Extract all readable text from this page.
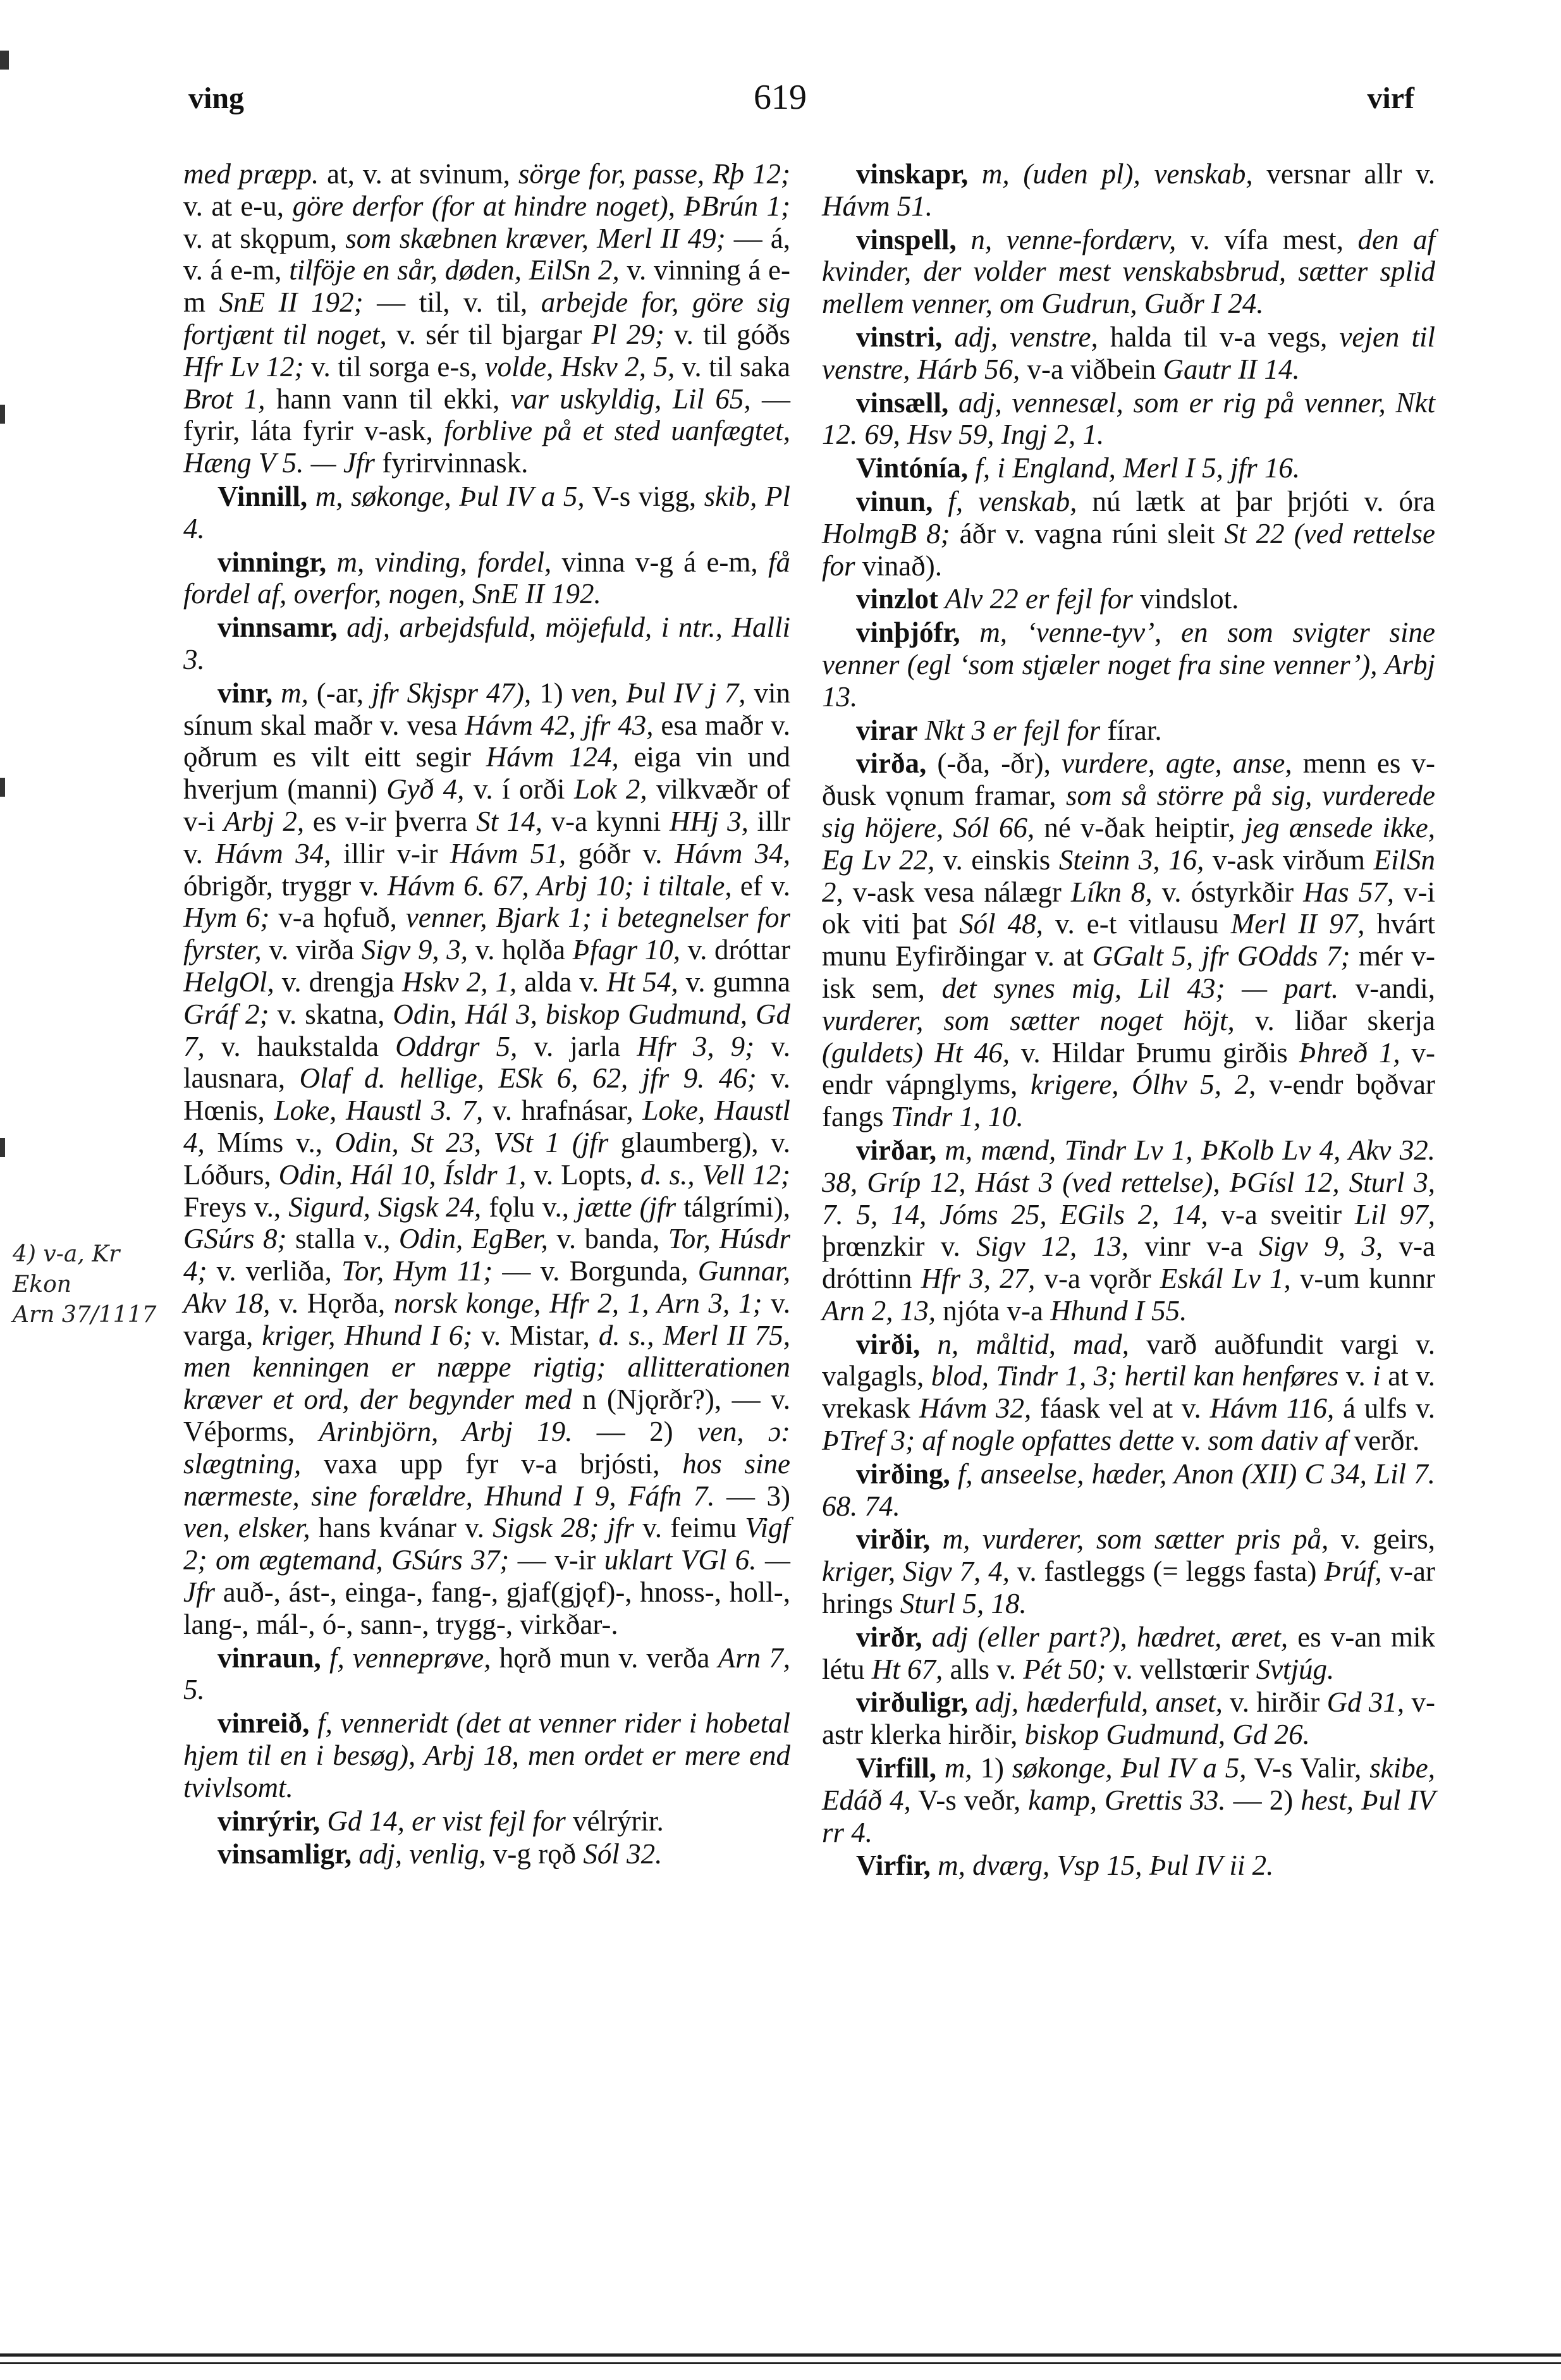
ving	619	virf

med præpp. at, v. at svinum, sörge for, passe, Rþ 12; v. at e-u, göre derfor (for at hindre noget), ÞBrún 1; v. at skǫpum, som skæbnen kræver, Merl II 49; — á, v. á e-m, tilföje en sår, døden, EilSn 2, v. vinning á e-m SnE II 192; — til, v. til, arbejde for, göre sig fortjænt til noget, v. sér til bjargar Pl 29; v. til góðs Hfr Lv 12; v. til sorga e-s, volde, Hskv 2, 5, v. til saka Brot 1, hann vann til ekki, var uskyldig, Lil 65, — fyrir, láta fyrir v-ask, forblive på et sted uanfægtet, Hæng V 5. — Jfr fyrirvinnask.

Vinnill, m, søkonge, Þul IV a 5, V-s vigg, skib, Pl 4.

vinningr, m, vinding, fordel, vinna v-g á e-m, få fordel af, overfor, nogen, SnE II 192.

vinnsamr, adj, arbejdsfuld, möjefuld, i ntr., Halli 3.

vinr, m, (-ar, jfr Skjspr 47), 1) ven, Þul IV j 7, vin sínum skal maðr v. vesa Hávm 42, jfr 43, esa maðr v. ǫðrum es vilt eitt segir Hávm 124, eiga vin und hverjum (manni) Gyð 4, v. í orði Lok 2, vilkvæðr of v-i Arbj 2, es v-ir þverra St 14, v-a kynni HHj 3, illr v. Hávm 34, illir v-ir Hávm 51, góðr v. Hávm 34, óbrigðr, tryggr v. Hávm 6. 67, Arbj 10; i tiltale, ef v. Hym 6; v-a hǫfuð, venner, Bjark 1; i betegnelser for fyrster, v. virða Sigv 9, 3, v. hǫlða Þfagr 10, v. dróttar HelgOl, v. drengja Hskv 2, 1, alda v. Ht 54, v. gumna Gráf 2; v. skatna, Odin, Hál 3, biskop Gudmund, Gd 7, v. haukstalda Oddrgr 5, v. jarla Hfr 3, 9; v. lausnara, Olaf d. hellige, ESk 6, 62, jfr 9. 46; v. Hœnis, Loke, Haustl 3. 7, v. hrafnásar, Loke, Haustl 4, Míms v., Odin, St 23, VSt 1 (jfr glaumberg), v. Lóðurs, Odin, Hál 10, Ísldr 1, v. Lopts, d. s., Vell 12; Freys v., Sigurd, Sigsk 24, fǫlu v., jætte (jfr tálgrími), GSúrs 8; stalla v., Odin, EgBer, v. banda, Tor, Húsdr 4; v. verliða, Tor, Hym 11; — v. Borgunda, Gunnar, Akv 18, v. Hǫrða, norsk konge, Hfr 2, 1, Arn 3, 1; v. varga, kriger, Hhund I 6; v. Mistar, d. s., Merl II 75, men kenningen er næppe rigtig; allitterationen kræver et ord, der begynder med n (Njǫrðr?), — v. Véþorms, Arinbjörn, Arbj 19. — 2) ven, ɔ: slægtning, vaxa upp fyr v-a brjósti, hos sine nærmeste, sine forældre, Hhund I 9, Fáfn 7. — 3) ven, elsker, hans kvánar v. Sigsk 28; jfr v. feimu Vigf 2; om ægtemand, GSúrs 37; — v-ir uklart VGl 6. — Jfr auð-, ást-, einga-, fang-, gjaf(gjǫf)-, hnoss-, holl-, lang-, mál-, ó-, sann-, trygg-, virkðar-.

vinraun, f, venneprøve, hǫrð mun v. verða Arn 7, 5.

vinreið, f, venneridt (det at venner rider i hobetal hjem til en i besøg), Arbj 18, men ordet er mere end tvivlsomt.

vinrýrir, Gd 14, er vist fejl for vélrýrir.

vinsamligr, adj, venlig, v-g rǫð Sól 32.

vinskapr, m, (uden pl), venskab, versnar allr v. Hávm 51.

vinspell, n, venne-fordærv, v. vífa mest, den af kvinder, der volder mest venskabsbrud, sætter splid mellem venner, om Gudrun, Guðr I 24.

vinstri, adj, venstre, halda til v-a vegs, vejen til venstre, Hárb 56, v-a viðbein Gautr II 14.

vinsæll, adj, vennesæl, som er rig på venner, Nkt 12. 69, Hsv 59, Ingj 2, 1.

Vintónía, f, i England, Merl I 5, jfr 16.

vinun, f, venskab, nú lætk at þar þrjóti v. óra HolmgB 8; áðr v. vagna rúni sleit St 22 (ved rettelse for vinað).

vinzlot Alv 22 er fejl for vindslot.

vinþjófr, m, ‘venne-tyv’, en som svigter sine venner (egl ‘som stjæler noget fra sine venner’), Arbj 13.

virar Nkt 3 er fejl for fírar.

virða, (-ða, -ðr), vurdere, agte, anse, menn es v-ðusk vǫnum framar, som så större på sig, vurderede sig höjere, Sól 66, né v-ðak heiptir, jeg ænsede ikke, Eg Lv 22, v. einskis Steinn 3, 16, v-ask virðum EilSn 2, v-ask vesa nálægr Líkn 8, v. óstyrkðir Has 57, v-i ok viti þat Sól 48, v. e-t vitlausu Merl II 97, hvárt munu Eyfirðingar v. at GGalt 5, jfr GOdds 7; mér v-isk sem, det synes mig, Lil 43; — part. v-andi, vurderer, som sætter noget höjt, v. liðar skerja (guldets) Ht 46, v. Hildar Þrumu girðis Þhreð 1, v-endr vápnglyms, krigere, Ólhv 5, 2, v-endr bǫðvar fangs Tindr 1, 10.

virðar, m, mænd, Tindr Lv 1, ÞKolb Lv 4, Akv 32. 38, Gríp 12, Hást 3 (ved rettelse), ÞGísl 12, Sturl 3, 7. 5, 14, Jóms 25, EGils 2, 14, v-a sveitir Lil 97, þrœnzkir v. Sigv 12, 13, vinr v-a Sigv 9, 3, v-a dróttinn Hfr 3, 27, v-a vǫrðr Eskál Lv 1, v-um kunnr Arn 2, 13, njóta v-a Hhund I 55.

virði, n, måltid, mad, varð auðfundit vargi v. valgagls, blod, Tindr 1, 3; hertil kan henføres v. i at v. vrekask Hávm 32, fáask vel at v. Hávm 116, á ulfs v. ÞTref 3; af nogle opfattes dette v. som dativ af verðr.

virðing, f, anseelse, hæder, Anon (XII) C 34, Lil 7. 68. 74.

virðir, m, vurderer, som sætter pris på, v. geirs, kriger, Sigv 7, 4, v. fastleggs (= leggs fasta) Þrúf, v-ar hrings Sturl 5, 18.

virðr, adj (eller part?), hædret, æret, es v-an mik létu Ht 67, alls v. Pét 50; v. vellstœrir Svtjúg.

virðuligr, adj, hæderfuld, anset, v. hirðir Gd 31, v-astr klerka hirðir, biskop Gudmund, Gd 26.

Virfill, m, 1) søkonge, Þul IV a 5, V-s Valir, skibe, Edáð 4, V-s veðr, kamp, Grettis 33. — 2) hest, Þul IV rr 4.

Virfir, m, dværg, Vsp 15, Þul IV ii 2.

4) v-a, Kr
Ekon
Arn 37/1117
